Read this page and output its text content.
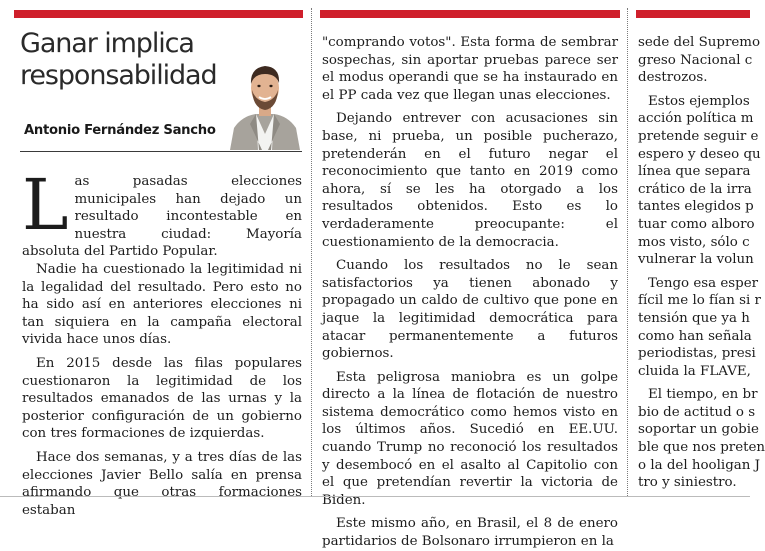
Ganar implica
responsabilidad
Antonio Fernández Sancho

Las pasadas elecciones municipales han dejado un resultado incontestable en nuestra ciudad: Mayoría absoluta del Partido Popular.

Nadie ha cuestionado la legitimidad ni la legalidad del resultado. Pero esto no ha sido así en anteriores elecciones ni tan siquiera en la campaña electoral vivida hace unos días.

En 2015 desde las filas populares cuestionaron la legitimidad de los resultados emanados de las urnas y la posterior configuración de un gobierno con tres formaciones de izquierdas.

Hace dos semanas, y a tres días de las elecciones Javier Bello salía en prensa afirmando que otras formaciones estaban

"comprando votos". Esta forma de sembrar sospechas, sin aportar pruebas parece ser el modus operandi que se ha instaurado en el PP cada vez que llegan unas elecciones.

Dejando entrever con acusaciones sin base, ni prueba, un posible pucherazo, pretenderán en el futuro negar el reconocimiento que tanto en 2019 como ahora, sí se les ha otorgado a los resultados obtenidos. Esto es lo verdaderamente preocupante: el cuestionamiento de la democracia.

Cuando los resultados no le sean satisfactorios ya tienen abonado y propagado un caldo de cultivo que pone en jaque la legitimidad democrática para atacar permanentemente a futuros gobiernos.

Esta peligrosa maniobra es un golpe directo a la línea de flotación de nuestro sistema democrático como hemos visto en los últimos años. Sucedió en EE.UU. cuando Trump no reconoció los resultados y desembocó en el asalto al Capitolio con el que pretendían revertir la victoria de Biden.

Este mismo año, en Brasil, el 8 de enero partidarios de Bolsonaro irrumpieron en la

sede del Supremo
greso Nacional c
destrozos.
Estos ejemplos
acción política m
pretende seguir e
espero y deseo qu
línea que separa
crático de la irra
tantes elegidos p
tuar como alboro
mos visto, sólo c
vulnerar la volun
Tengo esa esper
fícil me lo fían si r
tensión que ya h
como han señala
periodistas, presi
cluida la FLAVE,
El tiempo, en br
bio de actitud o s
soportar un gobie
ble que nos preten
o la del hooligan J
tro y siniestro.
